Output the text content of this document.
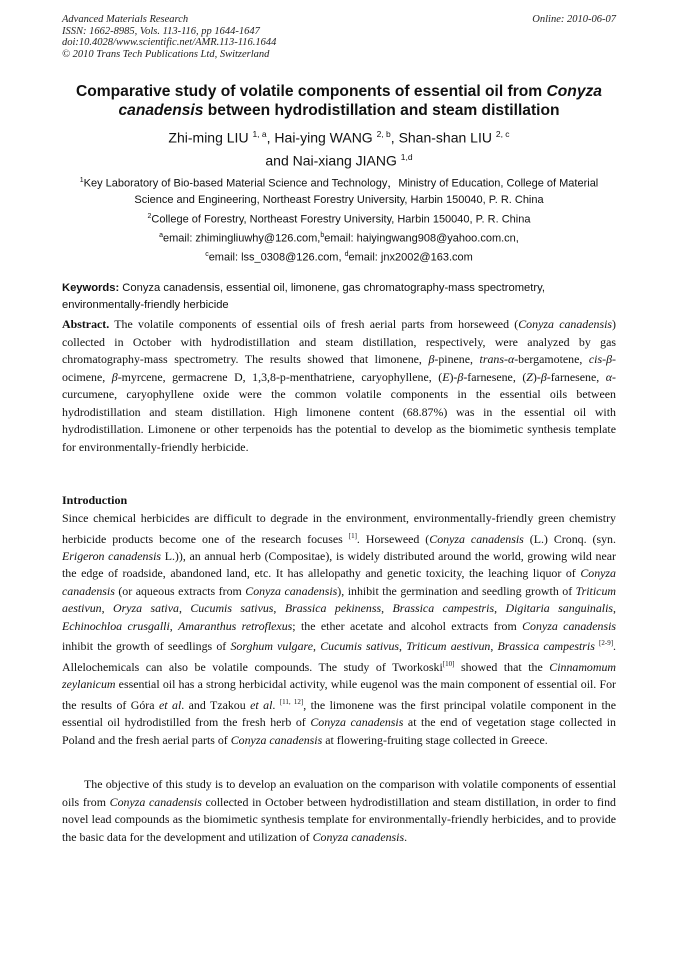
Advanced Materials Research
ISSN: 1662-8985, Vols. 113-116, pp 1644-1647
doi:10.4028/www.scientific.net/AMR.113-116.1644
© 2010 Trans Tech Publications Ltd, Switzerland
Online: 2010-06-07
Comparative study of volatile components of essential oil from Conyza canadensis between hydrodistillation and steam distillation
Zhi-ming LIU $^{1, a}$, Hai-ying WANG $^{2, b}$, Shan-shan LIU $^{2, c}$
and Nai-xiang JIANG $^{1,d}$
$^1$Key Laboratory of Bio-based Material Science and Technology，Ministry of Education, College of Material Science and Engineering, Northeast Forestry University, Harbin 150040, P. R. China
$^2$College of Forestry, Northeast Forestry University, Harbin 150040, P. R. China
$^a$email: zhimingliuwhy@126.com,$^b$email: haiyingwang908@yahoo.com.cn,
$^c$email: lss_0308@126.com, $^d$email: jnx2002@163.com
Keywords: Conyza canadensis, essential oil, limonene, gas chromatography-mass spectrometry, environmentally-friendly herbicide
Abstract. The volatile components of essential oils of fresh aerial parts from horseweed (Conyza canadensis) collected in October with hydrodistillation and steam distillation, respectively, were analyzed by gas chromatography-mass spectrometry. The results showed that limonene, β-pinene, trans-α-bergamotene, cis-β-ocimene, β-myrcene, germacrene D, 1,3,8-p-menthatriene, caryophyllene, (E)-β-farnesene, (Z)-β-farnesene, α-curcumene, caryophyllene oxide were the common volatile components in the essential oils between hydrodistillation and steam distillation. High limonene content (68.87%) was in the essential oil with hydrodistillation. Limonene or other terpenoids has the potential to develop as the biomimetic synthesis template for environmentally-friendly herbicide.
Introduction
Since chemical herbicides are difficult to degrade in the environment, environmentally-friendly green chemistry herbicide products become one of the research focuses [1]. Horseweed (Conyza canadensis (L.) Cronq. (syn. Erigeron canadensis L.)), an annual herb (Compositae), is widely distributed around the world, growing wild near the edge of roadside, abandoned land, etc. It has allelopathy and genetic toxicity, the leaching liquor of Conyza canadensis (or aqueous extracts from Conyza canadensis), inhibit the germination and seedling growth of Triticum aestivun, Oryza sativa, Cucumis sativus, Brassica pekinenss, Brassica campestris, Digitaria sanguinalis, Echinochloa crusgalli, Amaranthus retroflexus; the ether acetate and alcohol extracts from Conyza canadensis inhibit the growth of seedlings of Sorghum vulgare, Cucumis sativus, Triticum aestivun, Brassica campestris [2-9]. Allelochemicals can also be volatile compounds. The study of Tworkoski[10] showed that the Cinnamomum zeylanicum essential oil has a strong herbicidal activity, while eugenol was the main component of essential oil. For the results of Góra et al. and Tzakou et al. [11, 12], the limonene was the first principal volatile component in the essential oil hydrodistilled from the fresh herb of Conyza canadensis at the end of vegetation stage collected in Poland and the fresh aerial parts of Conyza canadensis at flowering-fruiting stage collected in Greece.
The objective of this study is to develop an evaluation on the comparison with volatile components of essential oils from Conyza canadensis collected in October between hydrodistillation and steam distillation, in order to find novel lead compounds as the biomimetic synthesis template for environmentally-friendly herbicides, and to provide the basic data for the development and utilization of Conyza canadensis.
